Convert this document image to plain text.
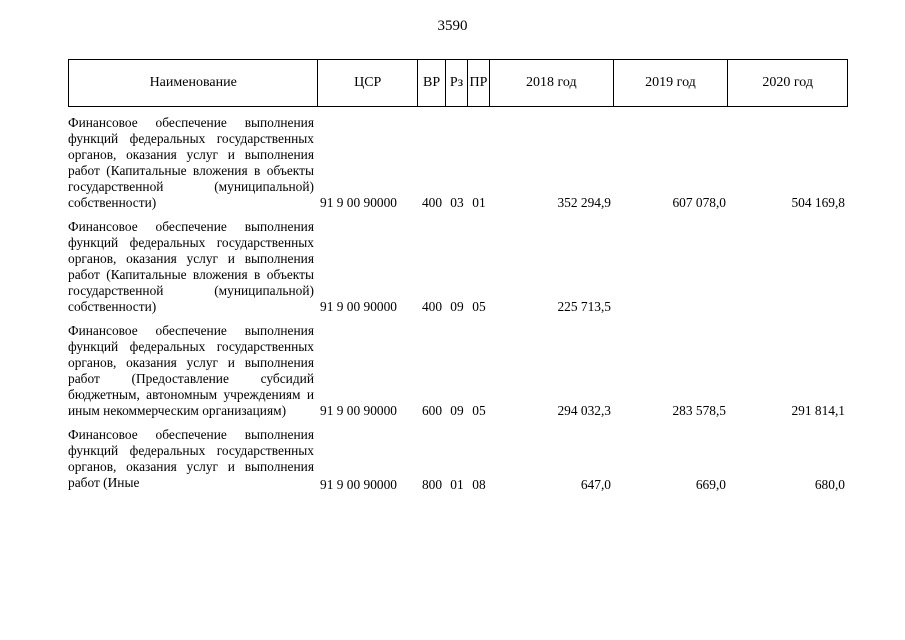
3590
Наименование	ЦСР	ВР Рз ПР	2018 год	2019 год	2020 год
Финансовое обеспечение выполнения функций федеральных государственных органов, оказания услуг и выполнения работ (Капитальные вложения в объекты государственной (муниципальной) собственности)	91 9 00 90000	400 03 01	352 294,9	607 078,0	504 169,8
Финансовое обеспечение выполнения функций федеральных государственных органов, оказания услуг и выполнения работ (Капитальные вложения в объекты государственной (муниципальной) собственности)	91 9 00 90000	400 09 05	225 713,5
Финансовое обеспечение выполнения функций федеральных государственных органов, оказания услуг и выполнения работ (Предоставление субсидий бюджетным, автономным учреждениям и иным некоммерческим организациям)	91 9 00 90000	600 09 05	294 032,3	283 578,5	291 814,1
Финансовое обеспечение выполнения функций федеральных государственных органов, оказания услуг и выполнения работ (Иные	91 9 00 90000	800 01 08	647,0	669,0	680,0
